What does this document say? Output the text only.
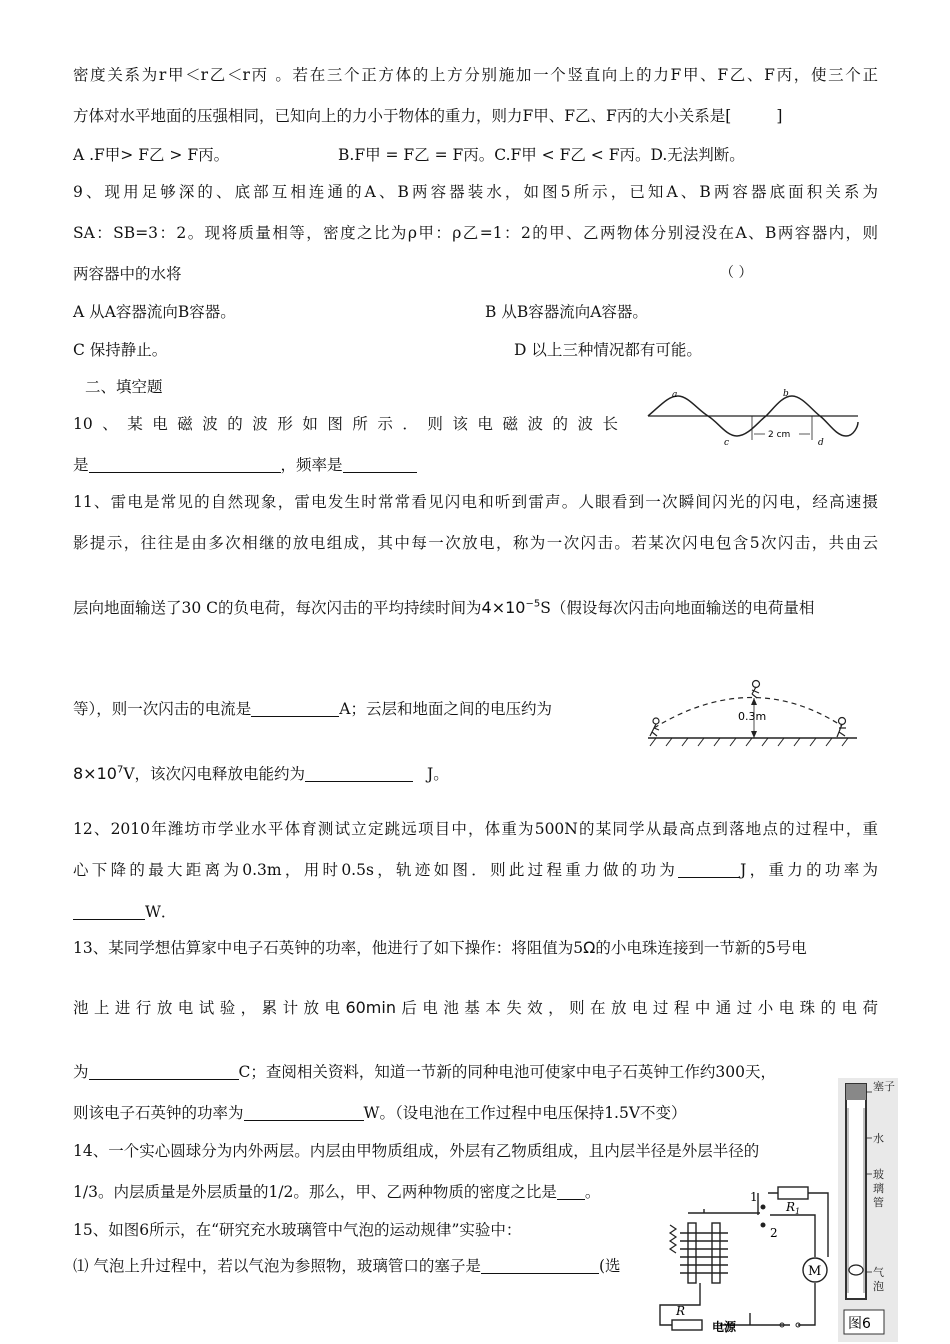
密度关系为r甲＜r乙＜r丙 。若在三个正方体的上方分别施加一个竖直向上的力F甲、F乙、F丙，使三个正
方体对水平地面的压强相同，已知向上的力小于物体的重力，则力F甲、F乙、F丙的大小关系是[	]
A .F甲> F乙 > F丙。	B.F甲 = F乙 = F丙。C.F甲 < F乙 < F丙。D.无法判断。
9、现用足够深的、底部互相连通的A、B两容器装水，如图5所示，已知A、B两容器底面积关系为
SA：SB=3：2。现将质量相等，密度之比为ρ甲：ρ乙=1：2的甲、乙两物体分别浸没在A、B两容器内，则
两容器中的水将	（ ）
A 从A容器流向B容器。	B 从B容器流向A容器。
C 保持静止。	D 以上三种情况都有可能。
二、填空题
10、某电磁波的波形如图所示．则该电磁波的波长
是	，频率是
11、雷电是常见的自然现象，雷电发生时常常看见闪电和听到雷声。人眼看到一次瞬间闪光的闪电，经高速摄
影提示，往往是由多次相继的放电组成，其中每一次放电，称为一次闪击。若某次闪电包含5次闪击，共由云
层向地面输送了30 C的负电荷，每次闪击的平均持续时间为$4\times 10^{-5}S$（假设每次闪击向地面输送的电荷量相
等），则一次闪击的电流是	A；云层和地面之间的电压约为
$8\times 10^7V$，该次闪电释放电能约为	J。
12、2010年潍坊市学业水平体育测试立定跳远项目中，体重为500N的某同学从最高点到落地点的过程中，重
心下降的最大距离为0.3m，用时0.5s，轨迹如图．则此过程重力做的功为	J，重力的功率为
W．
13、某同学想估算家中电子石英钟的功率，他进行了如下操作：将阻值为5Ω的小电珠连接到一节新的5号电
池上进行放电试验，累计放电60min后电池基本失效，则在放电过程中通过小电珠的电荷
为	C；查阅相关资料，知道一节新的同种电池可使家中电子石英钟工作约300天，
则该电子石英钟的功率为	W。（设电池在工作过程中电压保持1.5V不变）
14、一个实心圆球分为内外两层。内层由甲物质组成，外层有乙物质组成，且内层半径是外层半径的
1/3。内层质量是外层质量的1/2。那么，甲、乙两种物质的密度之比是 。
15、如图6所示，在“研究充水玻璃管中气泡的运动规律”实验中：
⑴ 气泡上升过程中，若以气泡为参照物，玻璃管口的塞子是	(选
a	b
c	d
2 cm
0.3m
1
2
$R_1$
M
R
电源
塞子
水
玻
璃
管
气
泡
图6
